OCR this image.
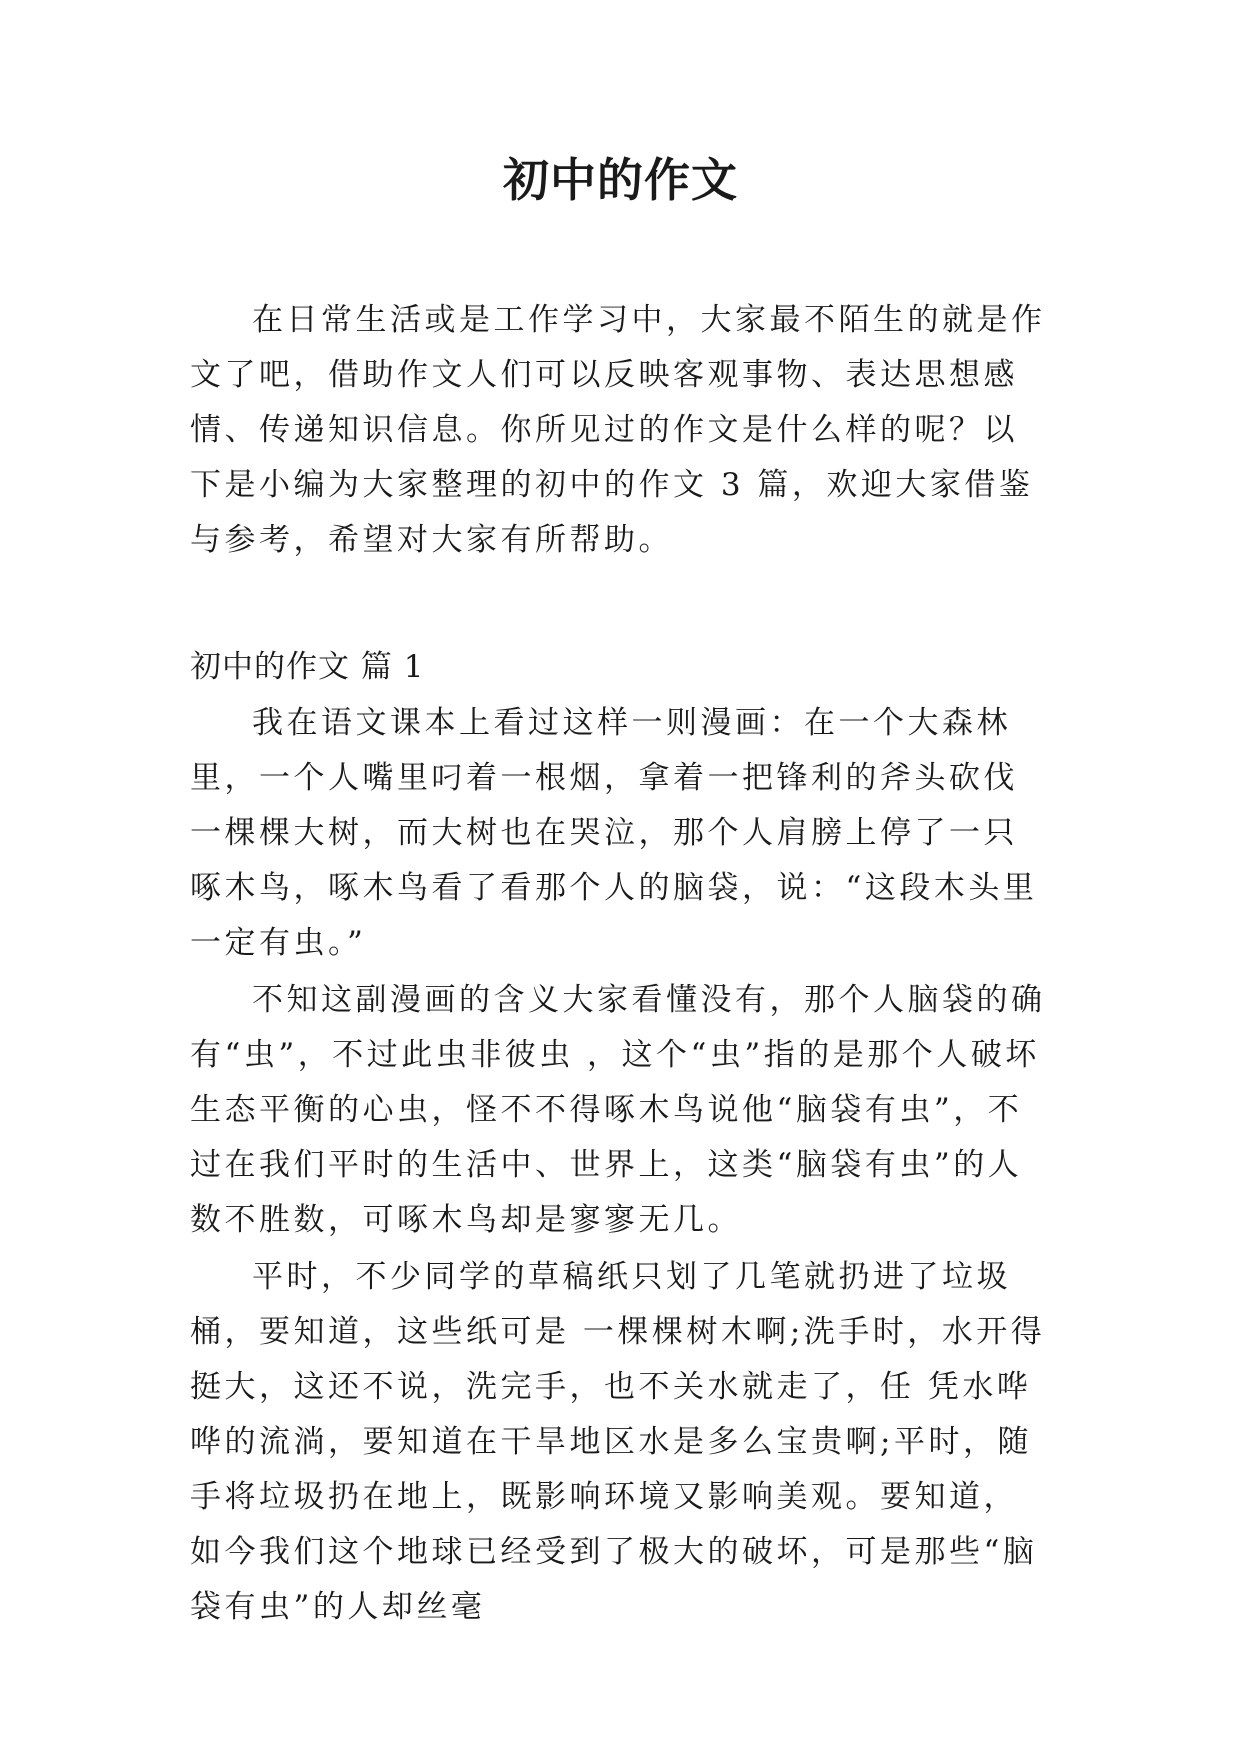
初中的作文

在日常生活或是工作学习中，大家最不陌生的就是作文了吧，借助作文人们可以反映客观事物、表达思想感情、传递知识信息。你所见过的作文是什么样的呢？以下是小编为大家整理的初中的作文 3 篇，欢迎大家借鉴与参考，希望对大家有所帮助。

初中的作文 篇 1

我在语文课本上看过这样一则漫画：在一个大森林里，一个人嘴里叼着一根烟，拿着一把锋利的斧头砍伐一棵棵大树，而大树也在哭泣，那个人肩膀上停了一只啄木鸟，啄木鸟看了看那个人的脑袋，说：“这段木头里一定有虫。”

不知这副漫画的含义大家看懂没有，那个人脑袋的确有“虫”，不过此虫非彼虫 ，这个“虫”指的是那个人破坏生态平衡的心虫，怪不不得啄木鸟说他“脑袋有虫”，不过在我们平时的生活中、世界上，这类“脑袋有虫”的人数不胜数，可啄木鸟却是寥寥无几。

平时，不少同学的草稿纸只划了几笔就扔进了垃圾桶，要知道，这些纸可是 一棵棵树木啊;洗手时，水开得挺大，这还不说，洗完手，也不关水就走了，任 凭水哗哗的流淌，要知道在干旱地区水是多么宝贵啊;平时，随手将垃圾扔在地上，既影响环境又影响美观。要知道，如今我们这个地球已经受到了极大的破坏，可是那些“脑袋有虫”的人却丝毫
